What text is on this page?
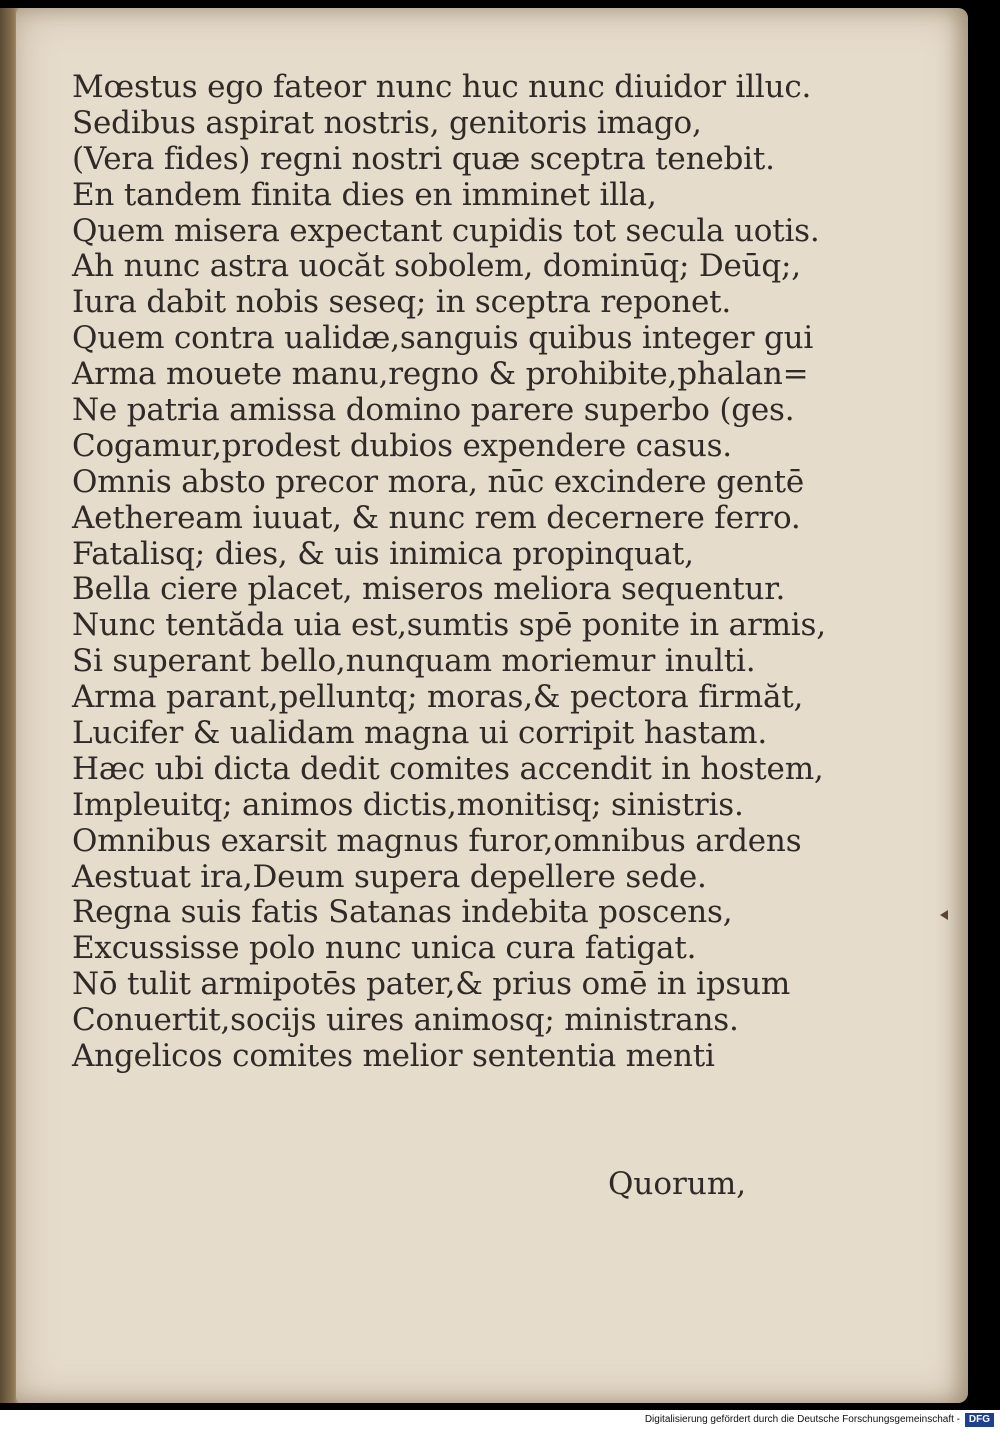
Mœstus ego fateor nunc huc nunc diuidor illuc.

Sedibus aspirat nostris, genitoris imago,

(Vera fides) regni nostri quæ sceptra tenebit.

En tandem finita dies en imminet illa,

Quem misera expectant cupidis tot secula uotis.

Ah nunc astra uocăt sobolem, dominūq; Deūq;,

Iura dabit nobis seseq; in sceptra reponet.

Quem contra ualidæ,sanguis quibus integer gui

Arma mouete manu,regno & prohibite,phalan=

Ne patria amissa domino parere superbo (ges.

Cogamur,prodest dubios expendere casus.

Omnis absto precor mora, nūc excindere gentē

Aetheream iuuat, & nunc rem decernere ferro.

Fatalisq; dies, & uis inimica propinquat,

Bella ciere placet, miseros meliora sequentur.

Nunc tentăda uia est,sumtis spē ponite in armis,

Si superant bello,nunquam moriemur inulti.

Arma parant,pelluntq; moras,& pectora firmăt,

Lucifer & ualidam magna ui corripit hastam.

Hæc ubi dicta dedit comites accendit in hostem,

Impleuitq; animos dictis,monitisq; sinistris.

Omnibus exarsit magnus furor,omnibus ardens

Aestuat ira,Deum supera depellere sede.

Regna suis fatis Satanas indebita poscens,

Excussisse polo nunc unica cura fatigat.

Nō tulit armipotēs pater,& prius omē in ipsum

Conuertit,socijs uires animosq; ministrans.

Angelicos comites melior sententia menti

Quorum,
Digitalisierung gefördert durch die Deutsche Forschungsgemeinschaft - DFG
